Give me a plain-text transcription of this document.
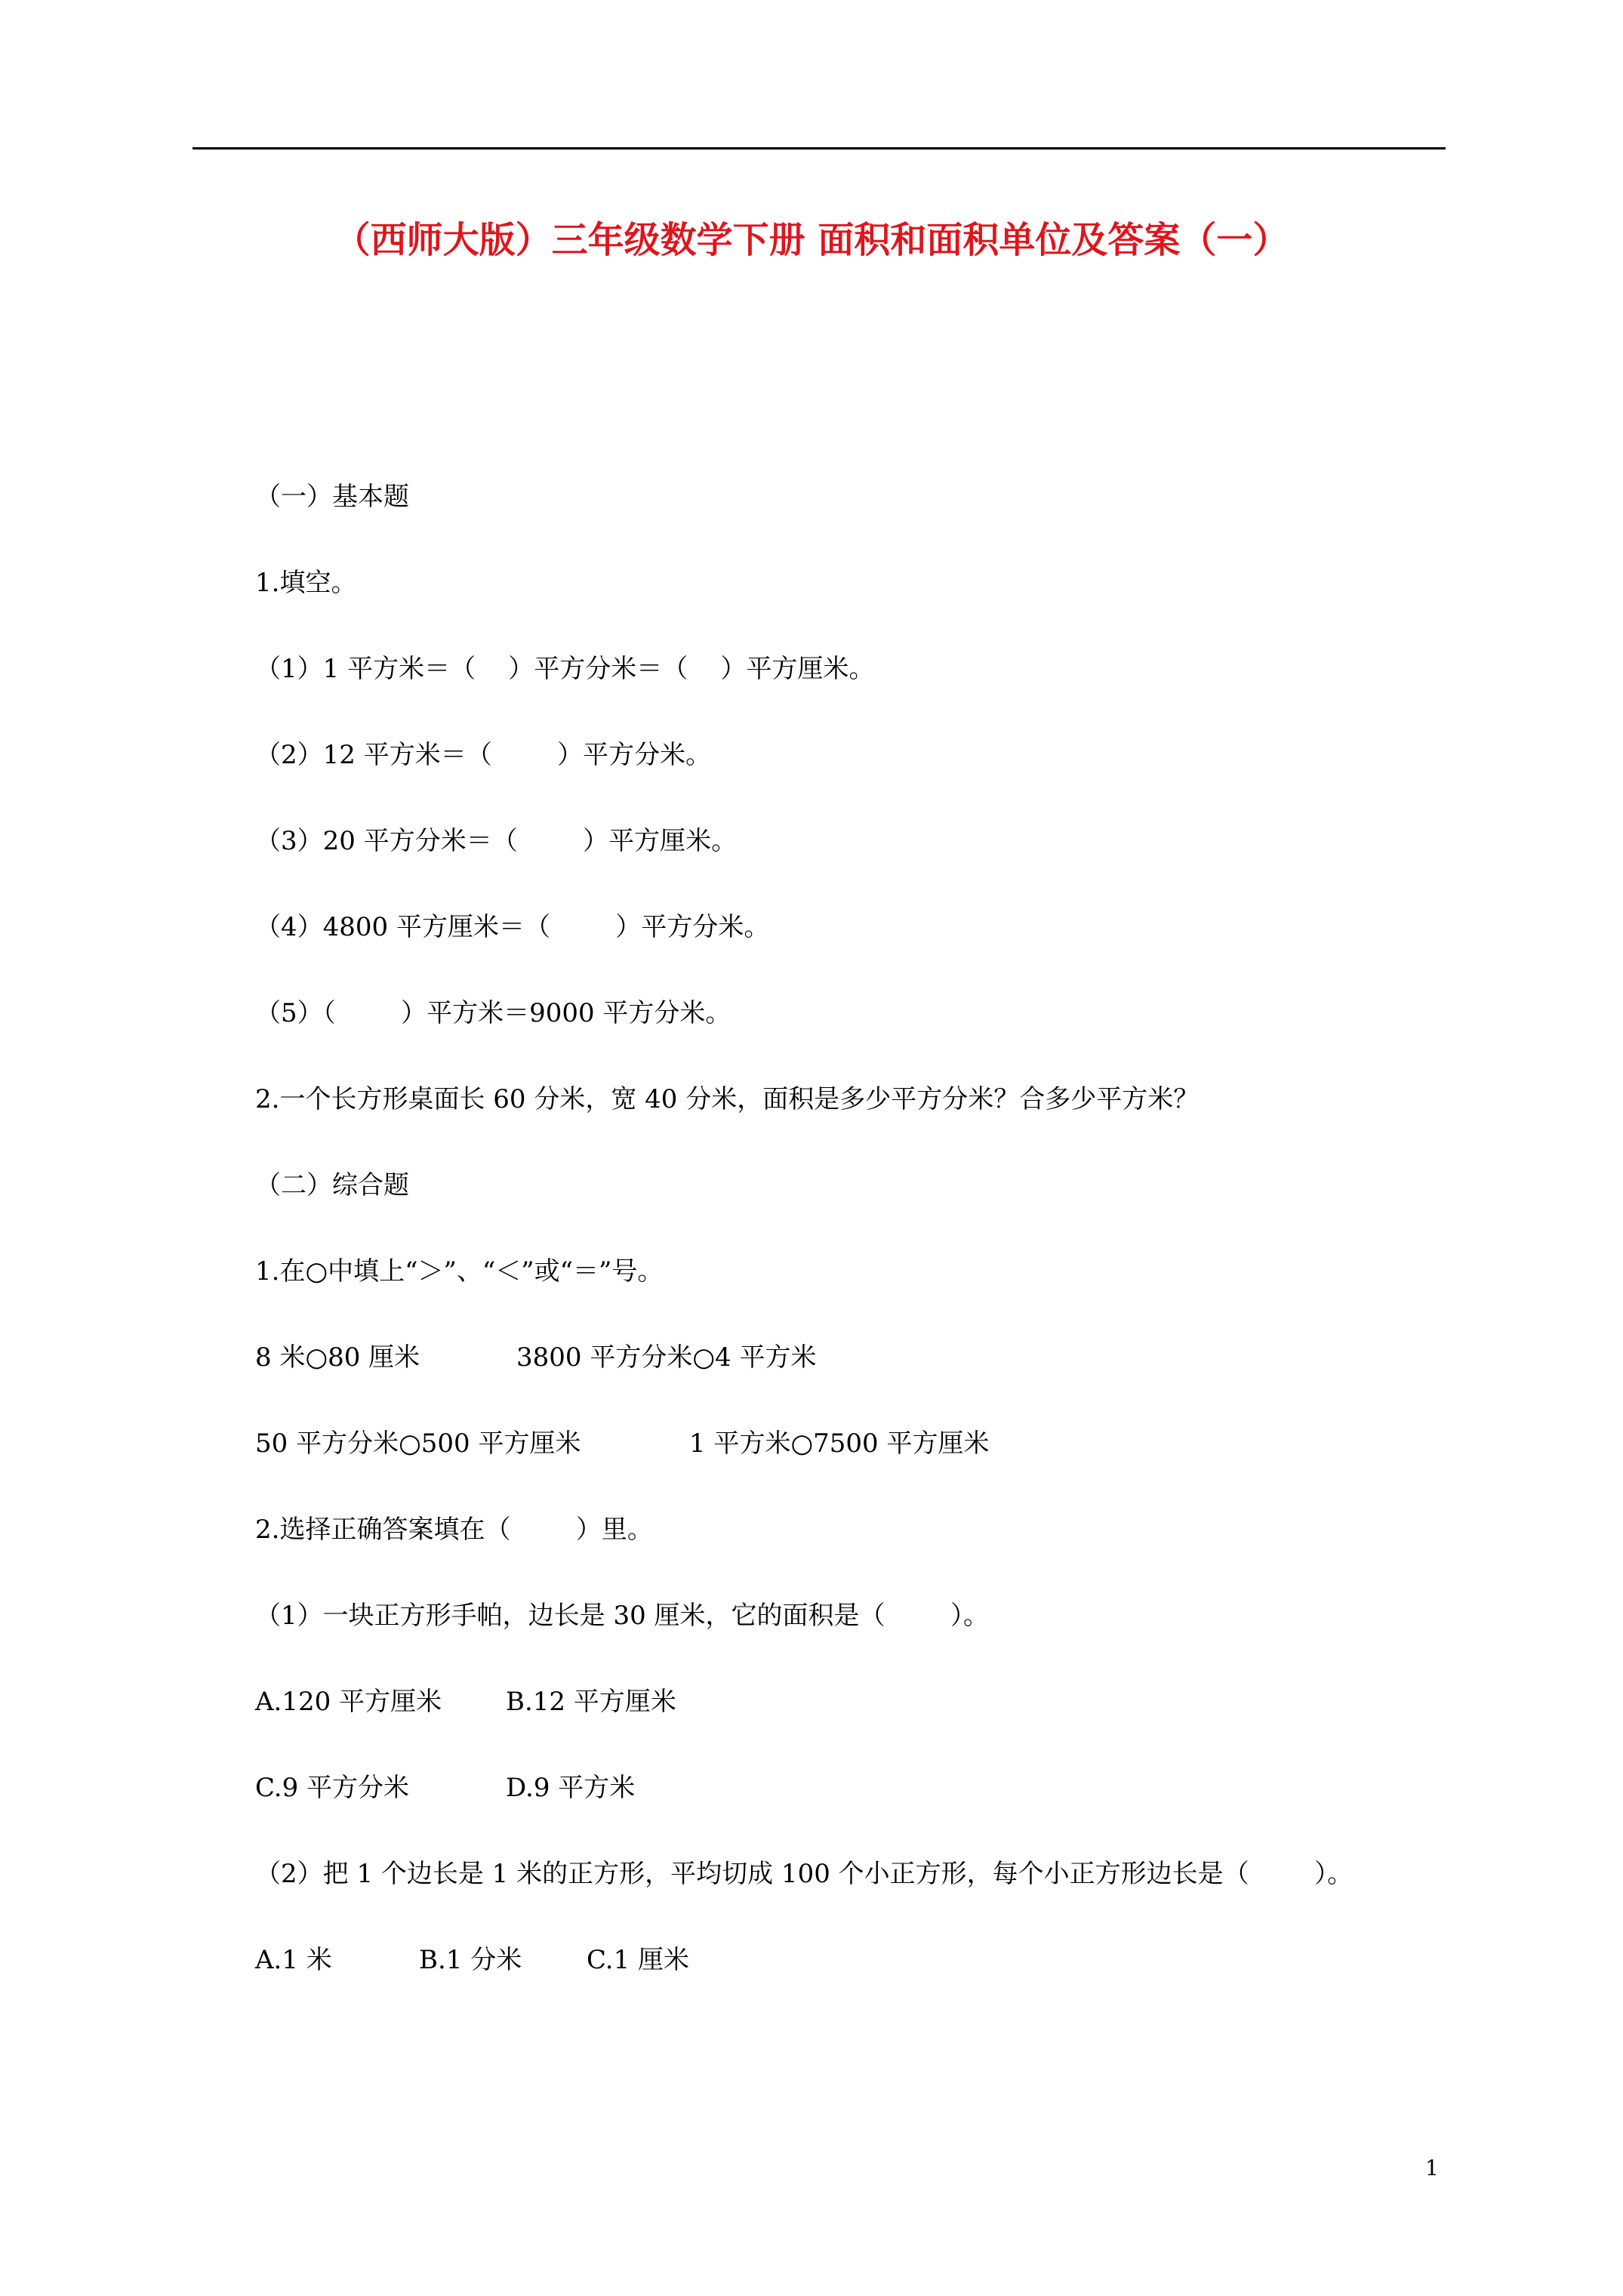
（西师大版）三年级数学下册 面积和面积单位及答案（一）
（一）基本题
1.填空。
（1）1 平方米＝（    ）平方分米＝（    ）平方厘米。
（2）12 平方米＝（        ）平方分米。
（3）20 平方分米＝（        ）平方厘米。
（4）4800 平方厘米＝（        ）平方分米。
（5）（        ）平方米＝9000 平方分米。
2.一个长方形桌面长 60 分米，宽 40 分米，面积是多少平方分米？合多少平方米？
（二）综合题
1.在○中填上“＞”、“＜”或“＝”号。
8 米○80 厘米	3800 平方分米○4 平方米
50 平方分米○500 平方厘米	1 平方米○7500 平方厘米
2.选择正确答案填在（        ）里。
（1）一块正方形手帕，边长是 30 厘米，它的面积是（        ）。
A.120 平方厘米 B.12 平方厘米
C.9 平方分米	D.9 平方米
（2）把 1 个边长是 1 米的正方形，平均切成 100 个小正方形，每个小正方形边长是（        ）。
A.1 米	B.1 分米	C.1 厘米
1
